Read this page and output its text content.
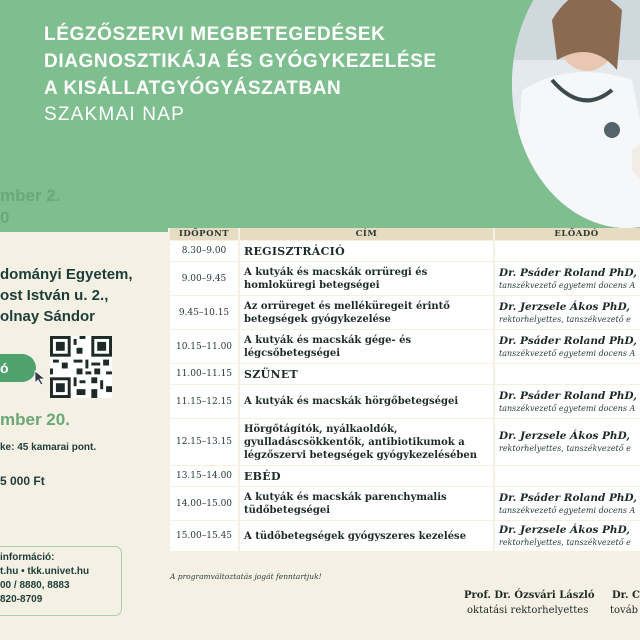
LÉGZŐSZERVI MEGBETEGEDÉSEK
DIAGNOSZTIKÁJA ÉS GYÓGYKEZELÉSE
A KISÁLLATGYÓGYÁSZATBAN
SZAKMAI NAP
mber 2.
0
dományi Egyetem,
ost István u. 2.,
olnay Sándor
ó
mber 20.
ke: 45 kamarai pont.
5 000 Ft
információ:
t.hu • tkk.univet.hu
00 / 8880, 8883
820-8709
IDŐPONT	CÍM	ELŐADÓ
8.30–9.00	REGISZTRÁCIÓ	
9.00–9.45	A kutyák és macskák orrüregi és homloküregi betegségei	Dr. Psáder Roland PhD,
tanszékvezető egyetemi docens A

9.45–10.15	Az orrüreget és melléküregeit érintő betegségek gyógykezelése	Dr. Jerzsele Ákos PhD,
rektorhelyettes, tanszékvezető e

10.15–11.00	A kutyák és macskák gége- és légcsőbetegségei	Dr. Psáder Roland PhD,
tanszékvezető egyetemi docens A

11.00–11.15	SZÜNET	
11.15–12.15	A kutyák és macskák hörgőbetegségei	Dr. Psáder Roland PhD,
tanszékvezető egyetemi docens A

12.15–13.15	Hörgőtágítók, nyálkaoldók, gyulladáscsökkentők, antibiotikumok a légzőszervi betegségek gyógykezelésében	Dr. Jerzsele Ákos PhD,
rektorhelyettes, tanszékvezető e

13.15–14.00	EBÉD	
14.00–15.00	A kutyák és macskák parenchymalis tüdőbetegségei	Dr. Psáder Roland PhD,
tanszékvezető egyetemi docens A

15.00–15.45	A tüdőbetegségek gyógyszeres kezelése	Dr. Jerzsele Ákos PhD,
rektorhelyettes, tanszékvezető e
A programváltoztatás jogát fenntartjuk!
Prof. Dr. Ózsvári László
oktatási rektorhelyettes
Dr. C
továb
